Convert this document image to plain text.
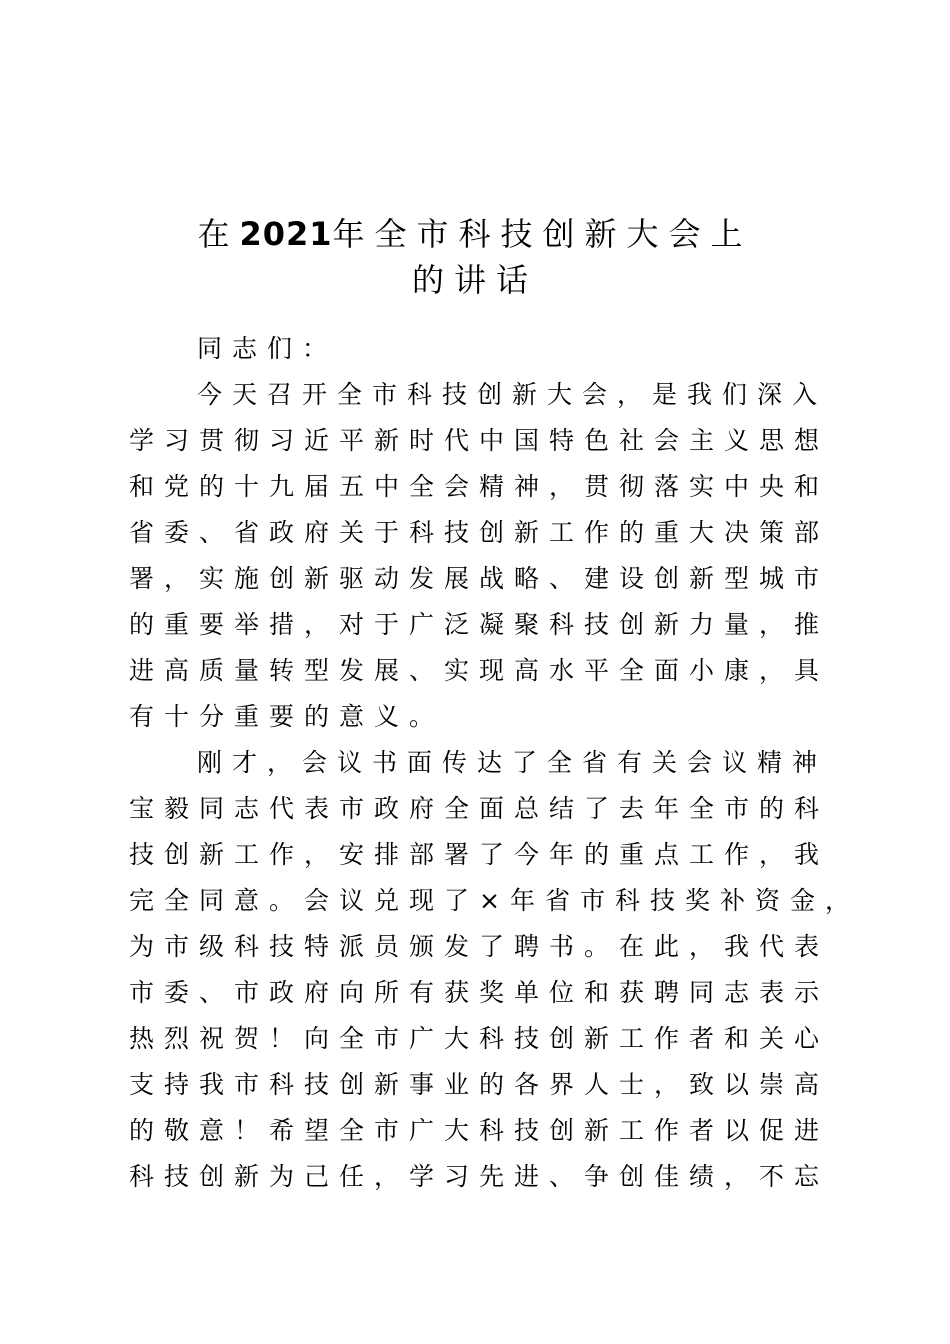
在2021年全市科技创新大会上
的讲话
同志们：
今天召开全市科技创新大会，是我们深入
学习贯彻习近平新时代中国特色社会主义思想
和党的十九届五中全会精神，贯彻落实中央和
省委、省政府关于科技创新工作的重大决策部
署，实施创新驱动发展战略、建设创新型城市
的重要举措，对于广泛凝聚科技创新力量，推
进高质量转型发展、实现高水平全面小康，具
有十分重要的意义。
刚才，会议书面传达了全省有关会议精神
宝毅同志代表市政府全面总结了去年全市的科
技创新工作，安排部署了今年的重点工作，我
完全同意。会议兑现了×年省市科技奖补资金，
为市级科技特派员颁发了聘书。在此，我代表
市委、市政府向所有获奖单位和获聘同志表示
热烈祝贺！向全市广大科技创新工作者和关心
支持我市科技创新事业的各界人士，致以崇高
的敬意！希望全市广大科技创新工作者以促进
科技创新为己任，学习先进、争创佳绩，不忘
